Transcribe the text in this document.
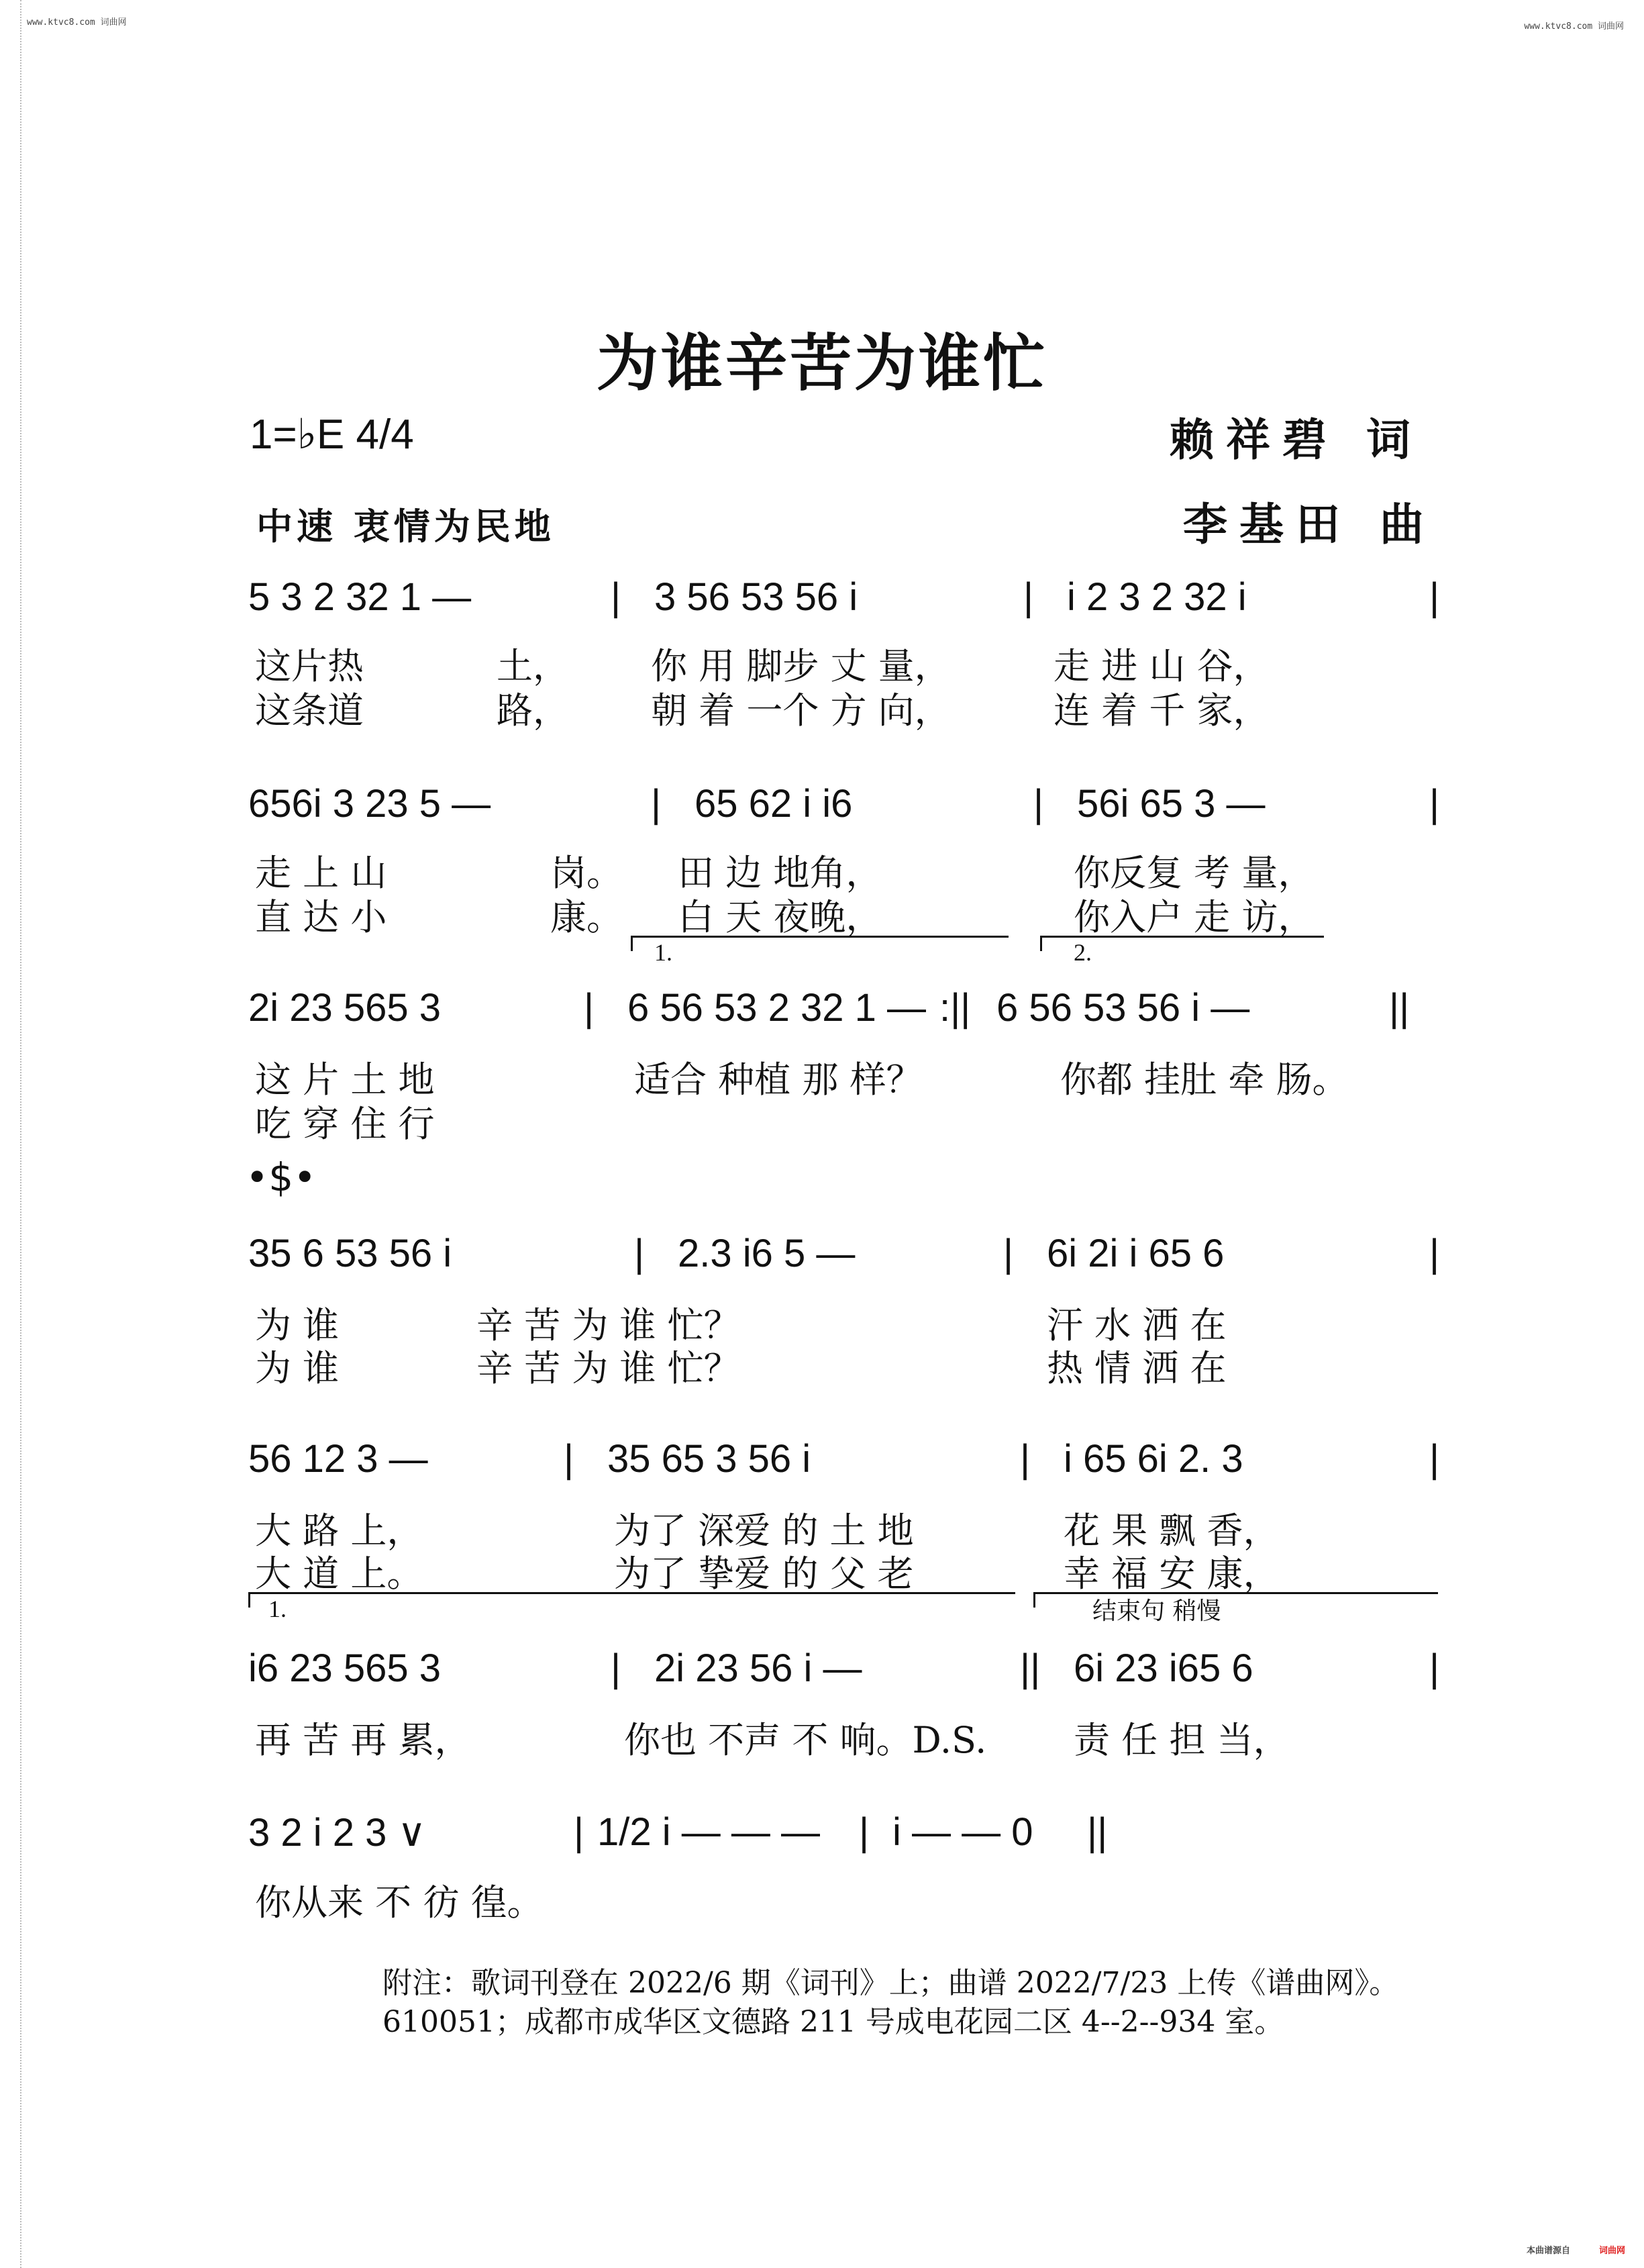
www.ktvc8.com 词曲网	www.ktvc8.com 词曲网
为谁辛苦为谁忙
1=♭E 4/4	赖祥碧 词
李基田 曲
中速 衷情为民地
5 3 2 32 1 —	| 3 56 53 56 i	| i 2 3 2 32 i	|
这片热	土， 你 用 脚步 丈 量，	走 进 山 谷，
这条道	路， 朝 着 一个 方 向，	连 着 千 家，
656i 3 23 5 —	| 65 62 i i6	| 56i 65 3 —	|
走 上 山	岗。 田 边 地角，	你反复 考 量，
直 达 小	康。 白 天 夜晚，	你入户 走 访，
1.	2.
2i 23 565 3	| 6 56 53 2 32 1 — :|| 6 56 53 56 i —	||
这 片 土 地	适合 种植 那 样？	你都 挂肚 牵 肠。
吃 穿 住 行
•$•
35 6 53 56 i	| 2.3 i6 5 —	| 6i 2i i 65 6	|
为 谁	辛 苦 为 谁 忙？	汗 水 洒 在
为 谁	辛 苦 为 谁 忙？	热 情 洒 在
56 12 3 —	| 35 65 3 56 i	| i 65 6i 2. 3	|
大 路 上，	为了 深爱 的 土 地	花 果 飘 香，
大 道 上。	为了 挚爱 的 父 老	幸 福 安 康，
1.	结束句 稍慢
i6 23 565 3	| 2i 23 56 i —	|| 6i 23 i65 6	|
再 苦 再 累，	你也 不声 不 响。D.S. 责 任 担 当，
3 2 i 2 3 ∨	| 1/2 i — — — | i — — 0 ||
你从来 不 彷 徨。
附注：歌词刊登在 2022/6 期《词刊》上；曲谱 2022/7/23 上传《谱曲网》。
610051；成都市成华区文德路 211 号成电花园二区 4--2--934 室。
本曲谱源自	词曲网
